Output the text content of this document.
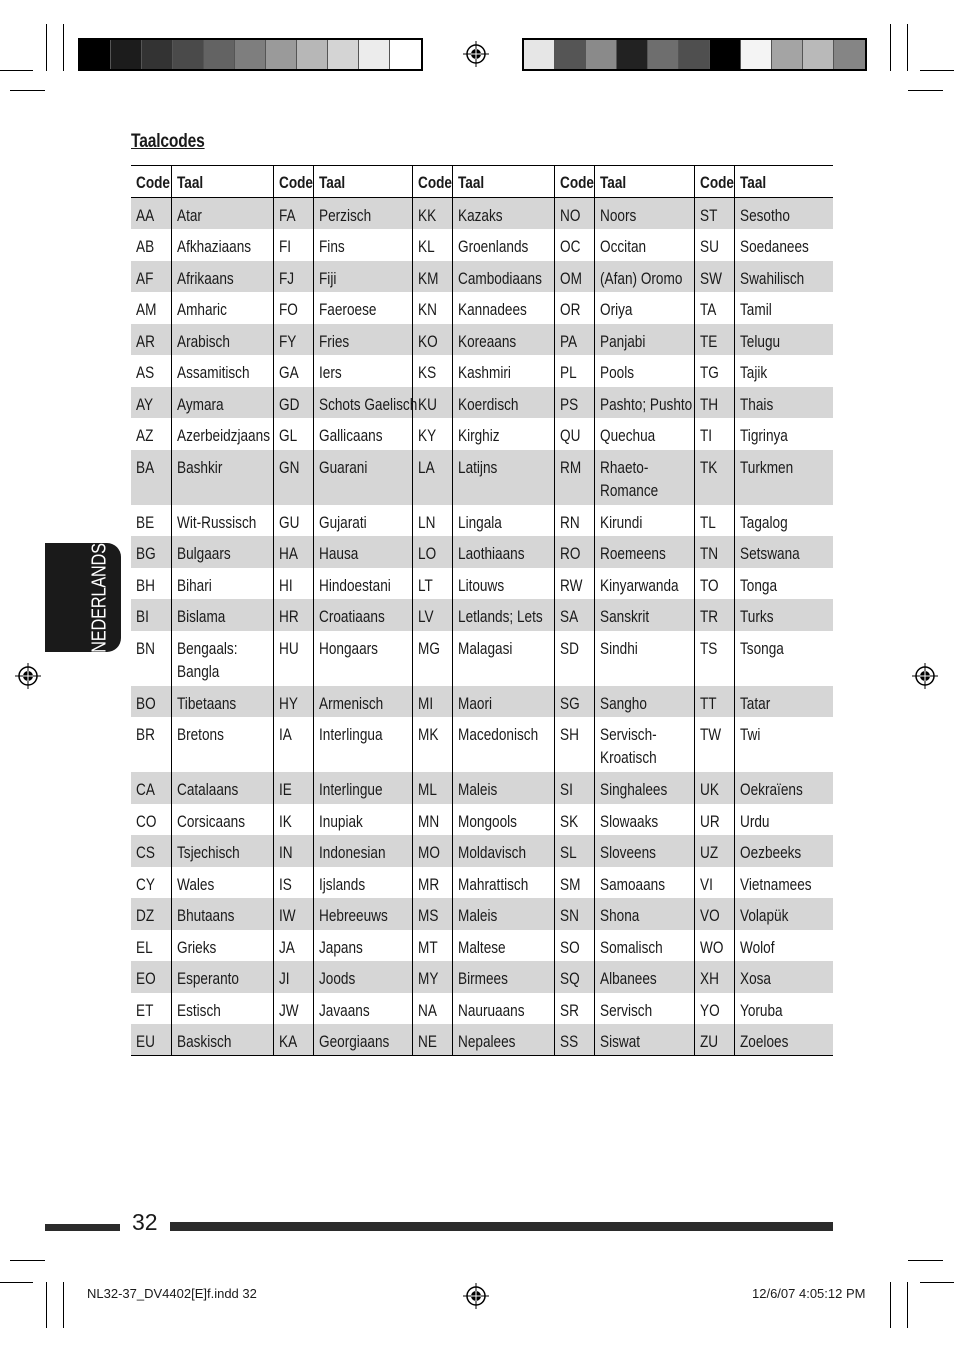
Taalcodes
Code	Taal	Code	Taal	Code	Taal	Code	Taal	Code	Taal
AA	Atar	FA	Perzisch	KK	Kazaks	NO	Noors	ST	Sesotho
AB	Afkhaziaans	FI	Fins	KL	Groenlands	OC	Occitan	SU	Soedanees
AF	Afrikaans	FJ	Fiji	KM	Cambodiaans	OM	(Afan) Oromo	SW	Swahilisch
AM	Amharic	FO	Faeroese	KN	Kannadees	OR	Oriya	TA	Tamil
AR	Arabisch	FY	Fries	KO	Koreaans	PA	Panjabi	TE	Telugu
AS	Assamitisch	GA	Iers	KS	Kashmiri	PL	Pools	TG	Tajik
AY	Aymara	GD	Schots Gaelisch	KU	Koerdisch	PS	Pashto; Pushto	TH	Thais
AZ	Azerbeidzjaans	GL	Gallicaans	KY	Kirghiz	QU	Quechua	TI	Tigrinya
BA	Bashkir	GN	Guarani	LA	Latijns	RM	Rhaeto- Romance	TK	Turkmen
BE	Wit-Russisch	GU	Gujarati	LN	Lingala	RN	Kirundi	TL	Tagalog
BG	Bulgaars	HA	Hausa	LO	Laothiaans	RO	Roemeens	TN	Setswana
BH	Bihari	HI	Hindoestani	LT	Litouws	RW	Kinyarwanda	TO	Tonga
BI	Bislama	HR	Croatiaans	LV	Letlands; Lets	SA	Sanskrit	TR	Turks
BN	Bengaals: Bangla	HU	Hongaars	MG	Malagasi	SD	Sindhi	TS	Tsonga
BO	Tibetaans	HY	Armenisch	MI	Maori	SG	Sangho	TT	Tatar
BR	Bretons	IA	Interlingua	MK	Macedonisch	SH	Servisch- Kroatisch	TW	Twi
CA	Catalaans	IE	Interlingue	ML	Maleis	SI	Singhalees	UK	Oekraïens
CO	Corsicaans	IK	Inupiak	MN	Mongools	SK	Slowaaks	UR	Urdu
CS	Tsjechisch	IN	Indonesian	MO	Moldavisch	SL	Sloveens	UZ	Oezbeeks
CY	Wales	IS	Ijslands	MR	Mahrattisch	SM	Samoaans	VI	Vietnamees
DZ	Bhutaans	IW	Hebreeuws	MS	Maleis	SN	Shona	VO	Volapük
EL	Grieks	JA	Japans	MT	Maltese	SO	Somalisch	WO	Wolof
EO	Esperanto	JI	Joods	MY	Birmees	SQ	Albanees	XH	Xosa
ET	Estisch	JW	Javaans	NA	Nauruaans	SR	Servisch	YO	Yoruba
EU	Baskisch	KA	Georgiaans	NE	Nepalees	SS	Siswat	ZU	Zoeloes
NEDERLANDS
32
NL32-37_DV4402[E]f.indd 32	12/6/07 4:05:12 PM
